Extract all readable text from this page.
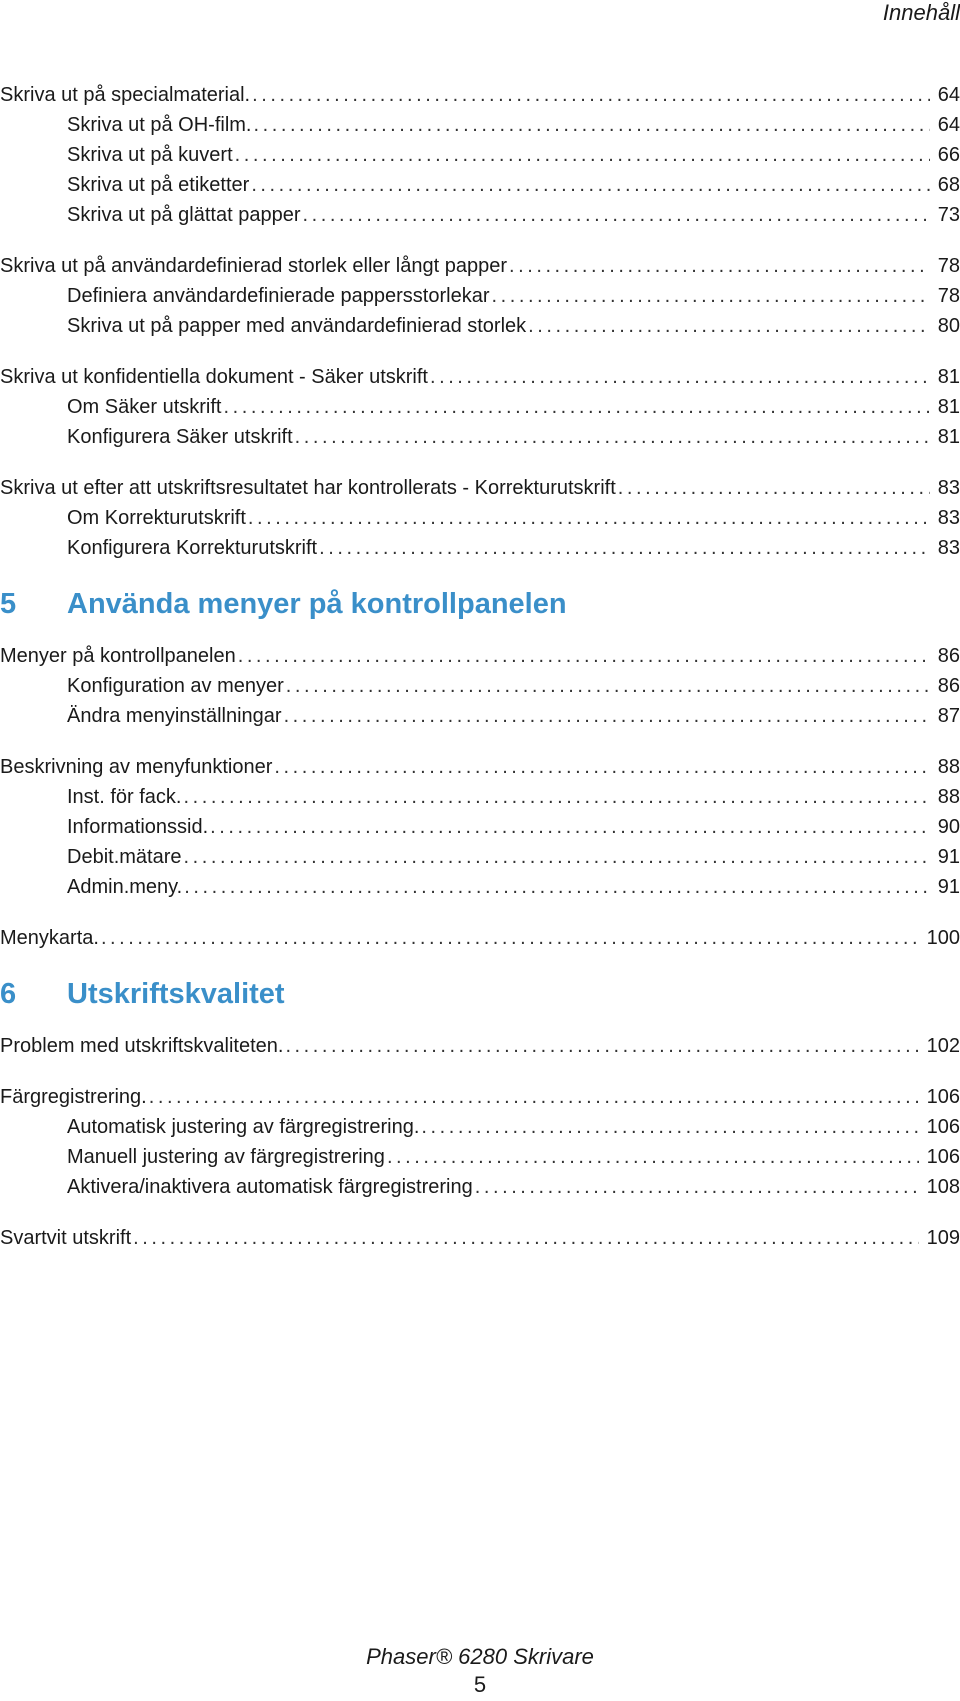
Innehåll
Skriva ut på specialmaterial. . . .	64
Skriva ut på OH-film. . . .	64
Skriva ut på kuvert . . .	66
Skriva ut på etiketter . . .	68
Skriva ut på glättat papper . . .	73
Skriva ut på användardefinierad storlek eller långt papper . . .	78
Definiera användardefinierade pappersstorlekar . . .	78
Skriva ut på papper med användardefinierad storlek . . .	80
Skriva ut konfidentiella dokument - Säker utskrift . . .	81
Om Säker utskrift . . .	81
Konfigurera Säker utskrift . . .	81
Skriva ut efter att utskriftsresultatet har kontrollerats - Korrekturutskrift . . .	83
Om Korrekturutskrift . . .	83
Konfigurera Korrekturutskrift . . .	83
5	Använda menyer på kontrollpanelen
Menyer på kontrollpanelen . . .	86
Konfiguration av menyer . . .	86
Ändra menyinställningar . . .	87
Beskrivning av menyfunktioner . . .	88
Inst. för fack. . . .	88
Informationssid. . . .	90
Debit.mätare . . .	91
Admin.meny. . . .	91
Menykarta. . . .	100
6	Utskriftskvalitet
Problem med utskriftskvaliteten. . . .	102
Färgregistrering. . . .	106
Automatisk justering av färgregistrering. . . .	106
Manuell justering av färgregistrering . . .	106
Aktivera/inaktivera automatisk färgregistrering . . .	108
Svartvit utskrift . . .	109
Phaser® 6280 Skrivare
5
